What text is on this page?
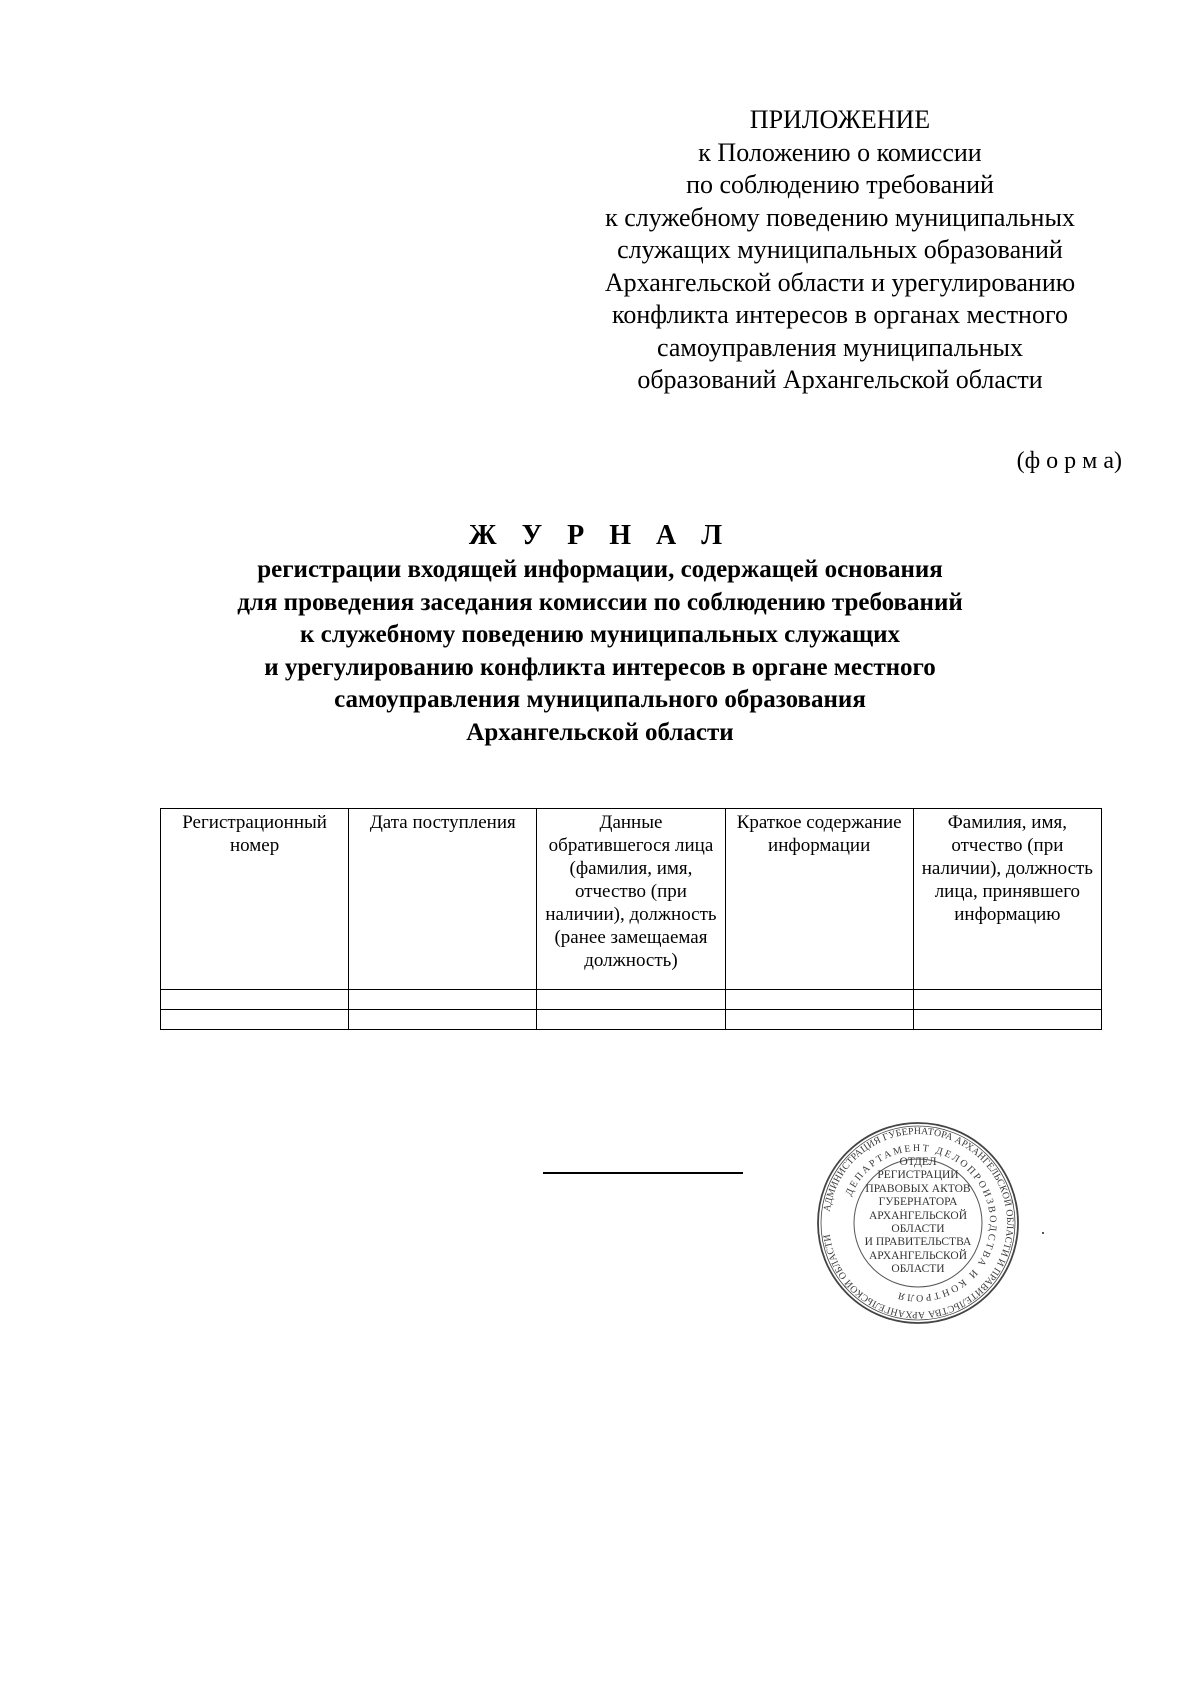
ПРИЛОЖЕНИЕ
к Положению о комиссии
по соблюдению требований
к служебному поведению муниципальных
служащих муниципальных образований
Архангельской области и урегулированию
конфликта интересов в органах местного
самоуправления муниципальных
образований Архангельской области
(ф о р м а)
Ж У Р Н А Л
регистрации входящей информации, содержащей основания
для проведения заседания комиссии по соблюдению требований
к служебному поведению муниципальных служащих
и урегулированию конфликта интересов в органе местного
самоуправления муниципального образования
Архангельской области
Регистрационный номер	Дата поступления	Данные обратившегося лица (фамилия, имя, отчество (при наличии), должность (ранее замещаемая должность)	Краткое содержание информации	Фамилия, имя, отчество (при наличии), должность лица, принявшего информацию

АДМИНИСТРАЦИЯ ГУБЕРНАТОРА АРХАНГЕЛЬСКОЙ ОБЛАСТИ И ПРАВИТЕЛЬСТВА АРХАНГЕЛЬСКОЙ ОБЛАСТИ
ДЕПАРТАМЕНТ ДЕЛОПРОИЗВОДСТВА И КОНТРОЛЯ
ОТДЕЛ
РЕГИСТРАЦИИ
ПРАВОВЫХ АКТОВ
ГУБЕРНАТОРА
АРХАНГЕЛЬСКОЙ
ОБЛАСТИ
И ПРАВИТЕЛЬСТВА
АРХАНГЕЛЬСКОЙ
ОБЛАСТИ
